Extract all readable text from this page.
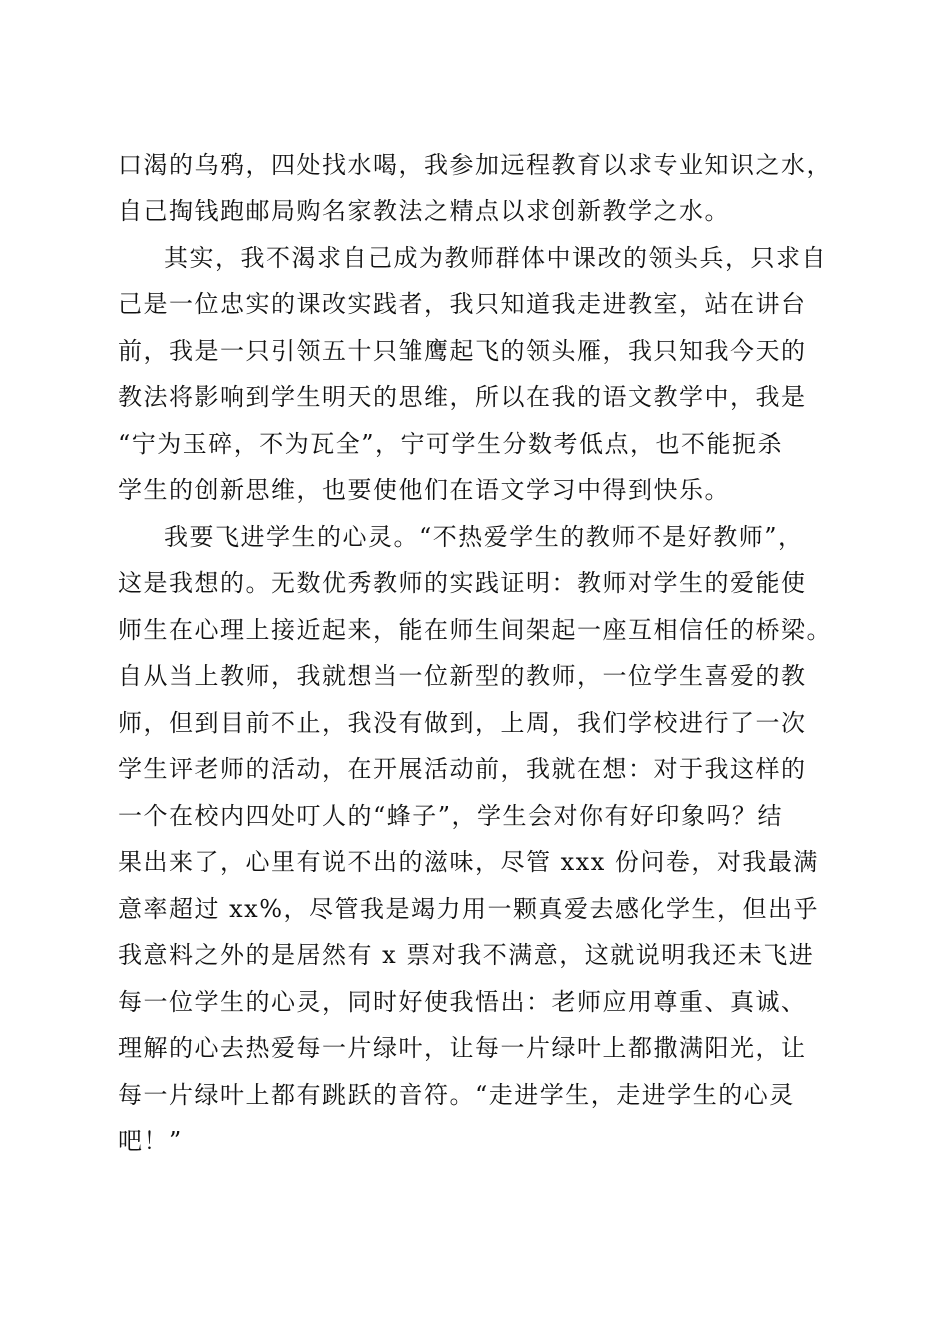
口渴的乌鸦，四处找水喝，我参加远程教育以求专业知识之水，
自己掏钱跑邮局购名家教法之精点以求创新教学之水。
其实，我不渴求自己成为教师群体中课改的领头兵，只求自
己是一位忠实的课改实践者，我只知道我走进教室，站在讲台
前，我是一只引领五十只雏鹰起飞的领头雁，我只知我今天的
教法将影响到学生明天的思维，所以在我的语文教学中，我是
“宁为玉碎，不为瓦全”，宁可学生分数考低点，也不能扼杀
学生的创新思维，也要使他们在语文学习中得到快乐。
我要飞进学生的心灵。“不热爱学生的教师不是好教师”，
这是我想的。无数优秀教师的实践证明：教师对学生的爱能使
师生在心理上接近起来，能在师生间架起一座互相信任的桥梁。
自从当上教师，我就想当一位新型的教师，一位学生喜爱的教
师，但到目前不止，我没有做到，上周，我们学校进行了一次
学生评老师的活动，在开展活动前，我就在想：对于我这样的
一个在校内四处叮人的“蜂子”，学生会对你有好印象吗？结
果出来了，心里有说不出的滋味，尽管 xxx 份问卷，对我最满
意率超过 xx%，尽管我是竭力用一颗真爱去感化学生，但出乎
我意料之外的是居然有 x 票对我不满意，这就说明我还未飞进
每一位学生的心灵，同时好使我悟出：老师应用尊重、真诚、
理解的心去热爱每一片绿叶，让每一片绿叶上都撒满阳光，让
每一片绿叶上都有跳跃的音符。“走进学生，走进学生的心灵
吧！”
